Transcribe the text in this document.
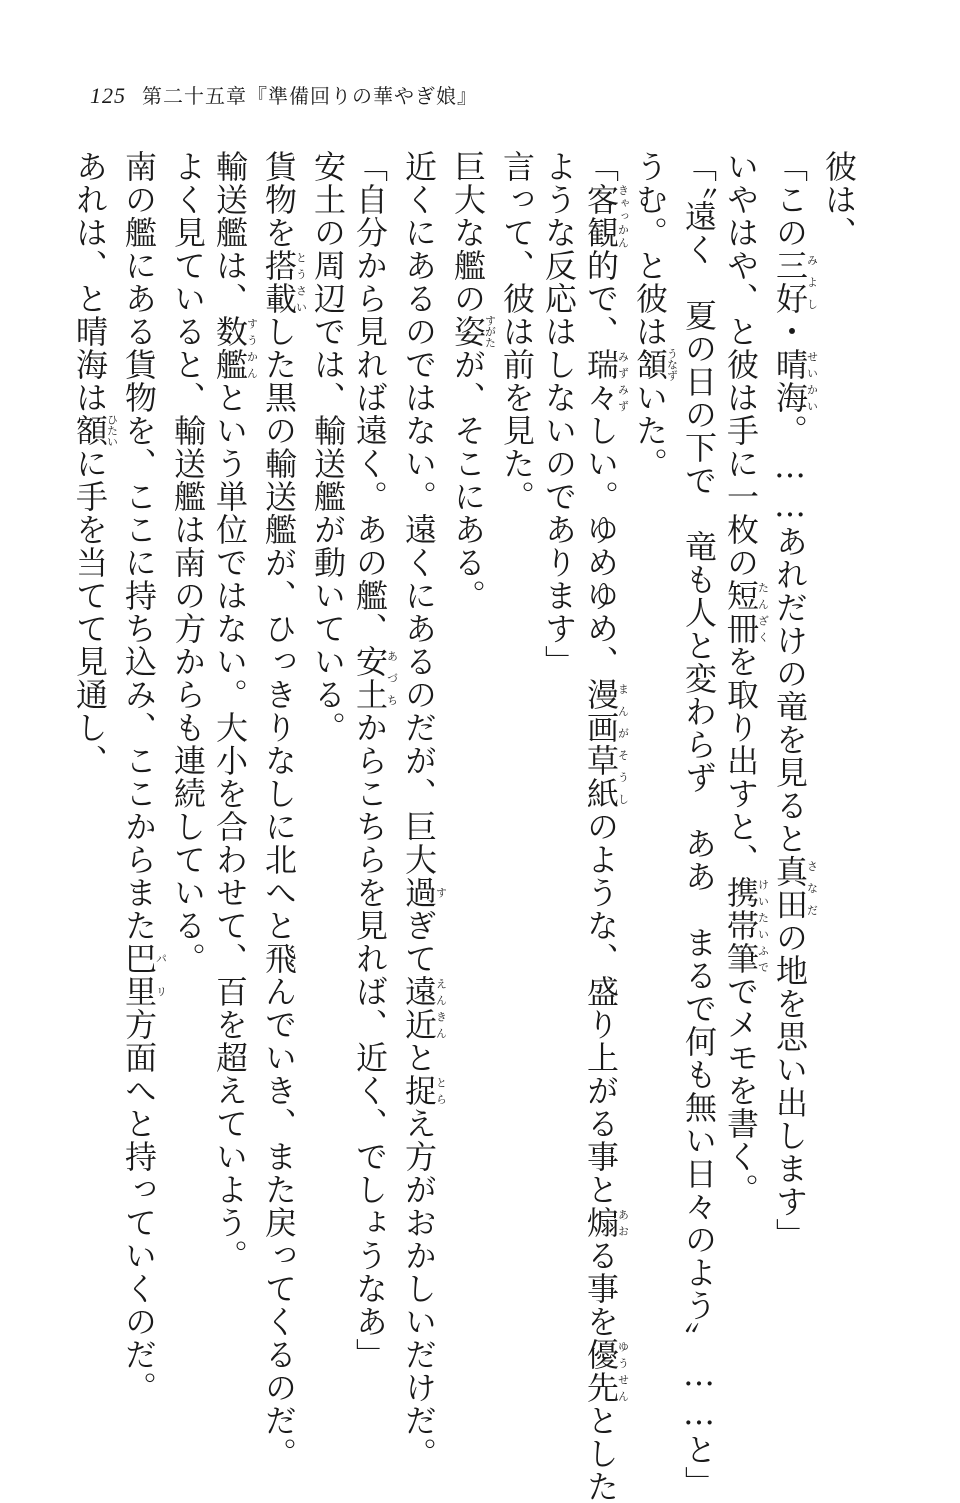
125 第二十五章『準備回りの華やぎ娘』

彼は、

「この三好みよし・晴海せいかい。……あれだけの竜を見ると真田さなだの地を思い出します」

いやはや、と彼は手に一枚の短冊たんざくを取り出すと、携帯筆けいたいふででメモを書く。

「〝遠く　夏の日の下で　竜も人と変わらず　ああ　まるで何も無い日々のよう〟……と」

うむ。と彼は頷うなずいた。

「客観きゃっかん的で、瑞々みずみずしい。ゆめゆめ、漫画まんが草紙そうしのような、盛り上がる事と煽あおる事を優先ゆうせんとした

ような反応はしないのであります」

言って、彼は前を見た。

巨大な艦の姿すがたが、そこにある。

近くにあるのではない。遠くにあるのだが、巨大過すぎて遠近えんきんと捉とらえ方がおかしいだけだ。

「自分から見れば遠く。あの艦、安土あづちからこちらを見れば、近く、でしょうなあ」

安土の周辺では、輸送艦が動いている。

貨物を搭載とうさいした黒の輸送艦が、ひっきりなしに北へと飛んでいき、また戻ってくるのだ。

輸送艦は、数艦すうかんという単位ではない。大小を合わせて、百を超えていよう。

よく見ていると、輸送艦は南の方からも連続している。

南の艦にある貨物を、ここに持ち込み、ここからまた巴里パリ方面へと持っていくのだ。

あれは、と晴海は額ひたいに手を当てて見通し、
